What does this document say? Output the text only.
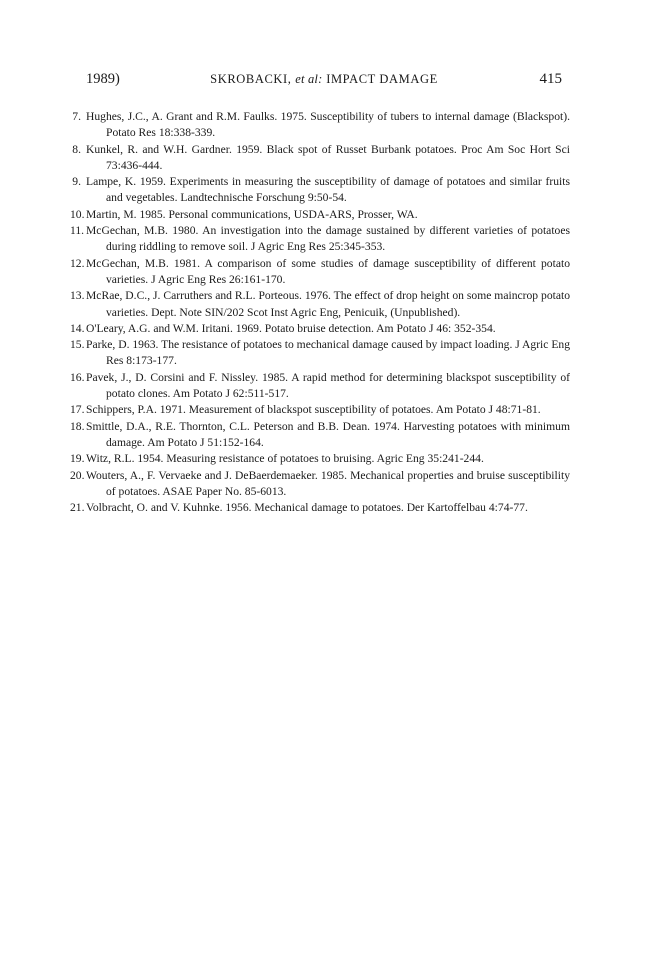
1989)	SKROBACKI, et al: IMPACT DAMAGE	415
7. Hughes, J.C., A. Grant and R.M. Faulks. 1975. Susceptibility of tubers to internal damage (Blackspot). Potato Res 18:338-339.
8. Kunkel, R. and W.H. Gardner. 1959. Black spot of Russet Burbank potatoes. Proc Am Soc Hort Sci 73:436-444.
9. Lampe, K. 1959. Experiments in measuring the susceptibility of damage of potatoes and similar fruits and vegetables. Landtechnische Forschung 9:50-54.
10. Martin, M. 1985. Personal communications, USDA-ARS, Prosser, WA.
11. McGechan, M.B. 1980. An investigation into the damage sustained by different varieties of potatoes during riddling to remove soil. J Agric Eng Res 25:345-353.
12. McGechan, M.B. 1981. A comparison of some studies of damage susceptibility of different potato varieties. J Agric Eng Res 26:161-170.
13. McRae, D.C., J. Carruthers and R.L. Porteous. 1976. The effect of drop height on some maincrop potato varieties. Dept. Note SIN/202 Scot Inst Agric Eng, Penicuik, (Unpublished).
14. O'Leary, A.G. and W.M. Iritani. 1969. Potato bruise detection. Am Potato J 46: 352-354.
15. Parke, D. 1963. The resistance of potatoes to mechanical damage caused by impact loading. J Agric Eng Res 8:173-177.
16. Pavek, J., D. Corsini and F. Nissley. 1985. A rapid method for determining blackspot susceptibility of potato clones. Am Potato J 62:511-517.
17. Schippers, P.A. 1971. Measurement of blackspot susceptibility of potatoes. Am Potato J 48:71-81.
18. Smittle, D.A., R.E. Thornton, C.L. Peterson and B.B. Dean. 1974. Harvesting potatoes with minimum damage. Am Potato J 51:152-164.
19. Witz, R.L. 1954. Measuring resistance of potatoes to bruising. Agric Eng 35:241-244.
20. Wouters, A., F. Vervaeke and J. DeBaerdemaeker. 1985. Mechanical properties and bruise susceptibility of potatoes. ASAE Paper No. 85-6013.
21. Volbracht, O. and V. Kuhnke. 1956. Mechanical damage to potatoes. Der Kartoffelbau 4:74-77.
